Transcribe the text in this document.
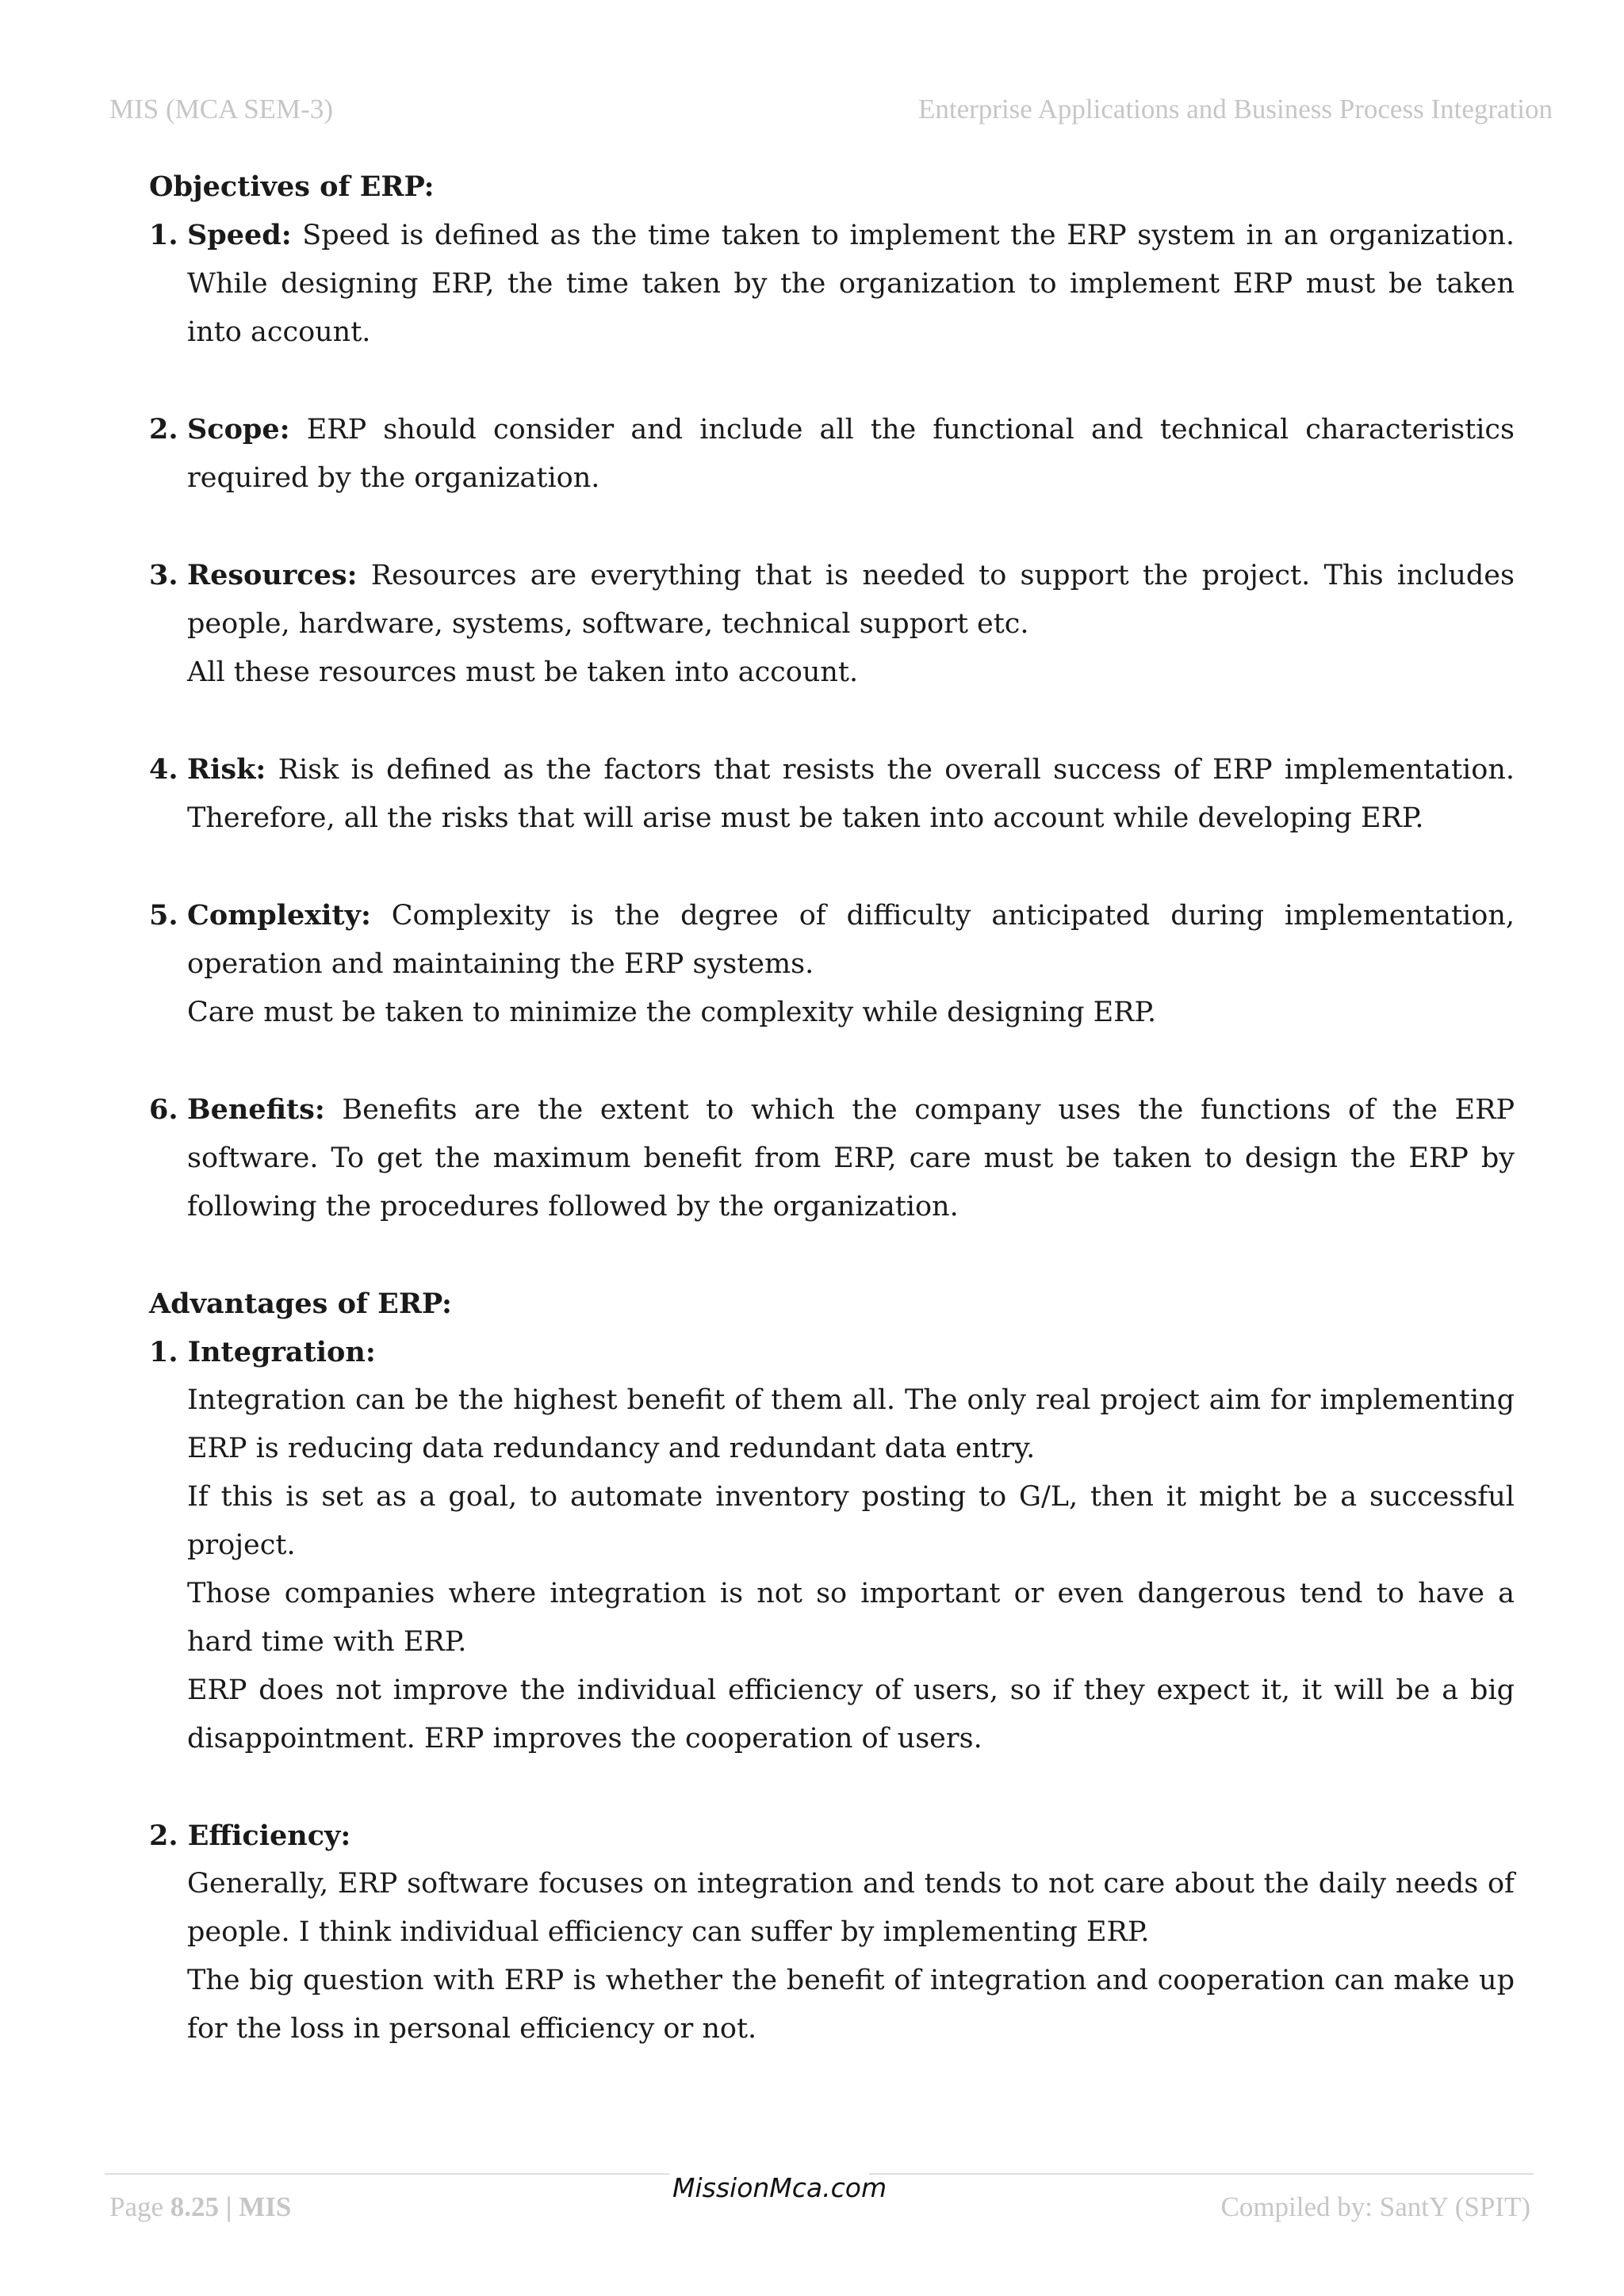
MIS (MCA SEM-3)	Enterprise Applications and Business Process Integration
Objectives of ERP:
1. Speed: Speed is defined as the time taken to implement the ERP system in an organization. While designing ERP, the time taken by the organization to implement ERP must be taken into account.
2. Scope: ERP should consider and include all the functional and technical characteristics required by the organization.
3. Resources: Resources are everything that is needed to support the project. This includes people, hardware, systems, software, technical support etc.
All these resources must be taken into account.
4. Risk: Risk is defined as the factors that resists the overall success of ERP implementation. Therefore, all the risks that will arise must be taken into account while developing ERP.
5. Complexity: Complexity is the degree of difficulty anticipated during implementation, operation and maintaining the ERP systems.
Care must be taken to minimize the complexity while designing ERP.
6. Benefits: Benefits are the extent to which the company uses the functions of the ERP software. To get the maximum benefit from ERP, care must be taken to design the ERP by following the procedures followed by the organization.
Advantages of ERP:
1. Integration:
Integration can be the highest benefit of them all. The only real project aim for implementing ERP is reducing data redundancy and redundant data entry.
If this is set as a goal, to automate inventory posting to G/L, then it might be a successful project.
Those companies where integration is not so important or even dangerous tend to have a hard time with ERP.
ERP does not improve the individual efficiency of users, so if they expect it, it will be a big disappointment. ERP improves the cooperation of users.
2. Efficiency:
Generally, ERP software focuses on integration and tends to not care about the daily needs of people. I think individual efficiency can suffer by implementing ERP.
The big question with ERP is whether the benefit of integration and cooperation can make up for the loss in personal efficiency or not.
MissionMca.com
Page 8.25 | MIS	Compiled by: SantY (SPIT)
